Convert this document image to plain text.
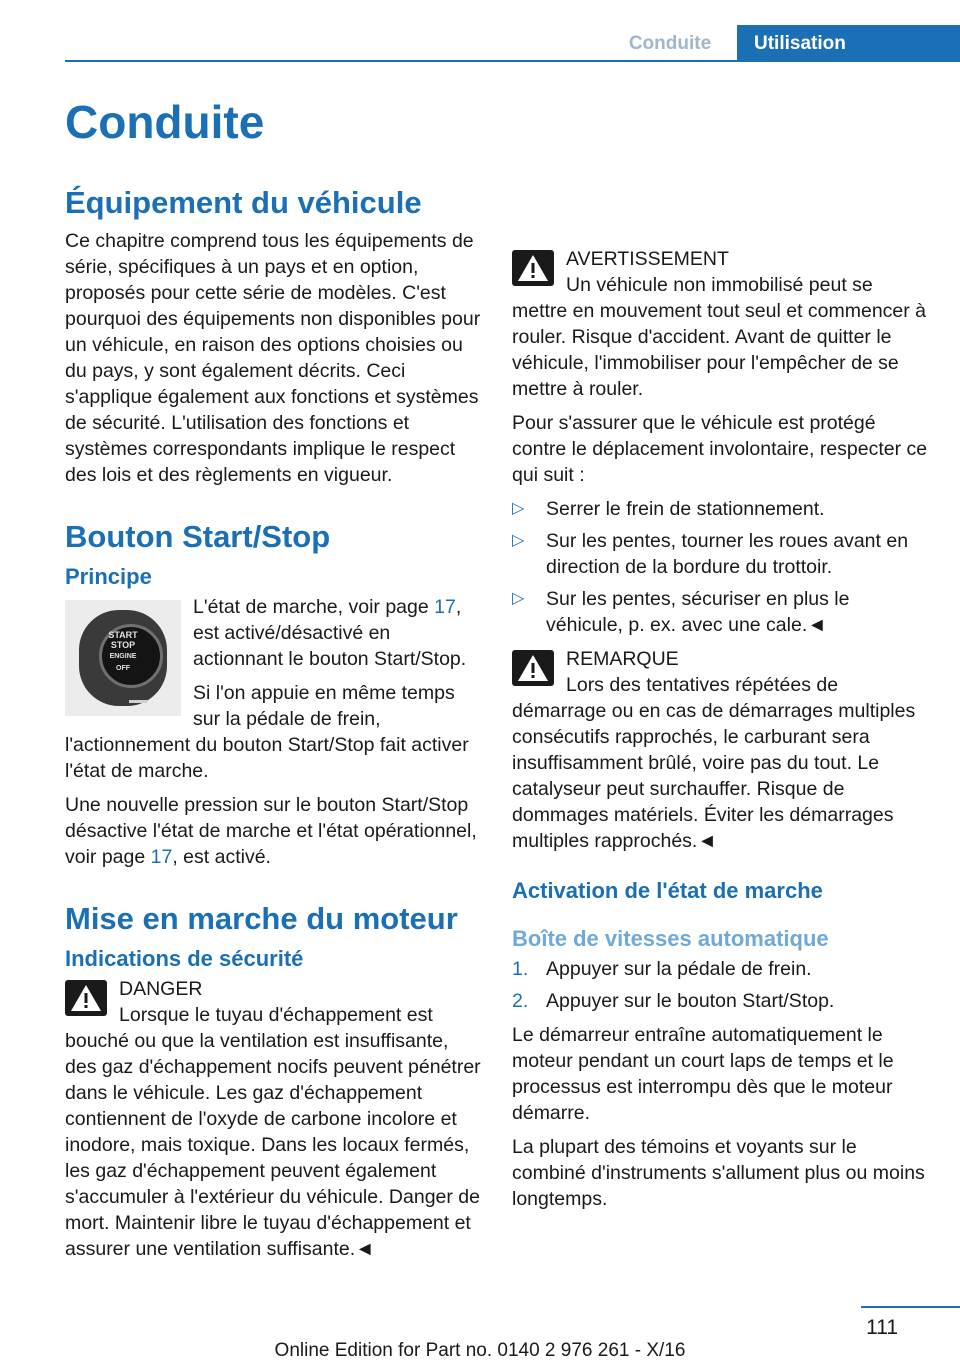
Conduite	Utilisation
Conduite
Équipement du véhicule

Ce chapitre comprend tous les équipements de série, spécifiques à un pays et en option, proposés pour cette série de modèles. C'est pourquoi des équipements non disponibles pour un véhicule, en raison des options choisies ou du pays, y sont également décrits. Ceci s'applique également aux fonctions et systèmes de sécurité. L'utilisation des fonctions et systèmes correspondants implique le respect des lois et des règlements en vigueur.

Bouton Start/Stop
Principe
START
STOP
ENGINE
OFF

L'état de marche, voir page 17, est activé/désactivé en actionnant le bouton Start/Stop.

Si l'on appuie en même temps sur la pédale de frein, l'actionnement du bouton Start/Stop fait activer l'état de marche.

Une nouvelle pression sur le bouton Start/Stop désactive l'état de marche et l'état opérationnel, voir page 17, est activé.

Mise en marche du moteur
Indications de sécurité
DANGER
Lorsque le tuyau d'échappement est bouché ou que la ventilation est insuffisante, des gaz d'échappement nocifs peuvent pénétrer dans le véhicule. Les gaz d'échappement contiennent de l'oxyde de carbone incolore et inodore, mais toxique. Dans les locaux fermés, les gaz d'échappement peuvent également s'accumuler à l'extérieur du véhicule. Danger de mort. Maintenir libre le tuyau d'échappement et assurer une ventilation suffisante.◄
AVERTISSEMENT
Un véhicule non immobilisé peut se mettre en mouvement tout seul et commencer à rouler. Risque d'accident. Avant de quitter le véhicule, l'immobiliser pour l'empêcher de se mettre à rouler.

Pour s'assurer que le véhicule est protégé contre le déplacement involontaire, respecter ce qui suit :

▷ Serrer le frein de stationnement.
▷ Sur les pentes, tourner les roues avant en direction de la bordure du trottoir.
▷ Sur les pentes, sécuriser en plus le véhicule, p. ex. avec une cale.◄
REMARQUE
Lors des tentatives répétées de démarrage ou en cas de démarrages multiples consécutifs rapprochés, le carburant sera insuffisamment brûlé, voire pas du tout. Le catalyseur peut surchauffer. Risque de dommages matériels. Éviter les démarrages multiples rapprochés.◄
Activation de l'état de marche
Boîte de vitesses automatique
1. Appuyer sur la pédale de frein.
2. Appuyer sur le bouton Start/Stop.

Le démarreur entraîne automatiquement le moteur pendant un court laps de temps et le processus est interrompu dès que le moteur démarre.

La plupart des témoins et voyants sur le combiné d'instruments s'allument plus ou moins longtemps.

111
Online Edition for Part no. 0140 2 976 261 - X/16
